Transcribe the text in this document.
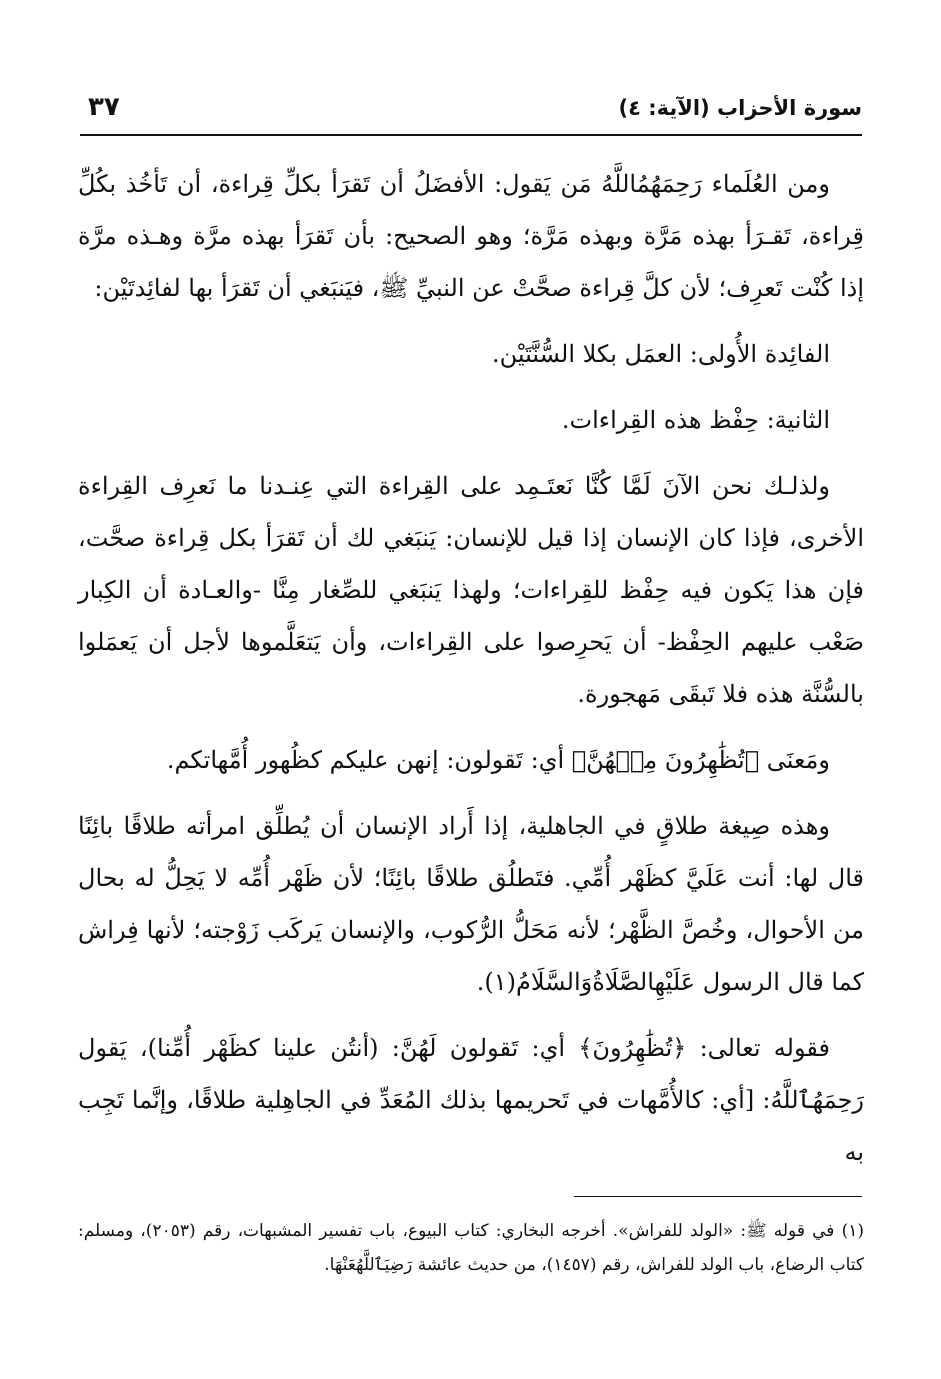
سورة الأحزاب (الآية: ٤)
٣٧

ومن العُلَماء رَحِمَهُمُاللَّهُ مَن يَقول: الأفضَلُ أن تَقرَأ بكلِّ قِراءة، أن تَأخُذ بكُلِّ قِراءة، تَقـرَأ بهذه مَرَّة وبهذه مَرَّة؛ وهو الصحيح: بأن تَقرَأ بهذه مرَّة وهـذه مرَّة إذا كُنْت تَعرِف؛ لأن كلَّ قِراءة صحَّتْ عن النبيِّ ﷺ، فيَنبَغي أن تَقرَأ بها لفائِدتَيْن:

الفائِدة الأُولى: العمَل بكلا السُّنَّتَيْن.

الثانية: حِفْظ هذه القِراءات.

ولذلـك نحن الآنَ لَمَّا كُنَّا نَعتَـمِد على القِراءة التي عِنـدنا ما نَعرِف القِراءة الأخرى، فإذا كان الإنسان إذا قيل للإنسان: يَنبَغي لك أن تَقرَأ بكل قِراءة صحَّت، فإن هذا يَكون فيه حِفْظ للقِراءات؛ ولهذا يَنبَغي للصِّغار مِنَّا -والعـادة أن الكِبار صَعْب عليهم الحِفْظ- أن يَحرِصوا على القِراءات، وأن يَتعَلَّموها لأجل أن يَعمَلوا بالسُّنَّة هذه فلا تَبقَى مَهجورة.

ومَعنَى ﴿تُظَٰهِرُونَ مِنۡهُنَّ﴾ أي: تَقولون: إنهن عليكم كظُهور أُمَّهاتكم.

وهذه صِيغة طلاقٍ في الجاهلية، إذا أَراد الإنسان أن يُطلِّق امرأته طلاقًا بائِنًا قال لها: أنت عَلَيَّ كظَهْر أُمِّي. فتَطلُق طلاقًا بائِنًا؛ لأن ظَهْر أُمِّه لا يَحِلُّ له بحال من الأحوال، وخُصَّ الظَّهْر؛ لأنه مَحَلُّ الرُّكوب، والإنسان يَركَب زَوْجته؛ لأنها فِراش كما قال الرسول عَلَيْهِالصَّلَاةُوَالسَّلَامُ(١).

فقوله تعالى: ﴿تُظَٰهِرُونَ﴾ أي: تَقولون لَهُنَّ: (أنتُن علينا كظَهْر أُمِّنا)، يَقول رَحِمَهُٱللَّهُ: [أي: كالأُمَّهات في تَحريمها بذلك المُعَدِّ في الجاهِلية طلاقًا، وإنَّما تَجِب به

(١) في قوله ﷺ: «الولد للفراش». أخرجه البخاري: كتاب البيوع، باب تفسير المشبهات، رقم (٢٠٥٣)، ومسلم: كتاب الرضاع، باب الولد للفراش، رقم (١٤٥٧)، من حديث عائشة رَضِيَٱللَّهُعَنْهَا.
